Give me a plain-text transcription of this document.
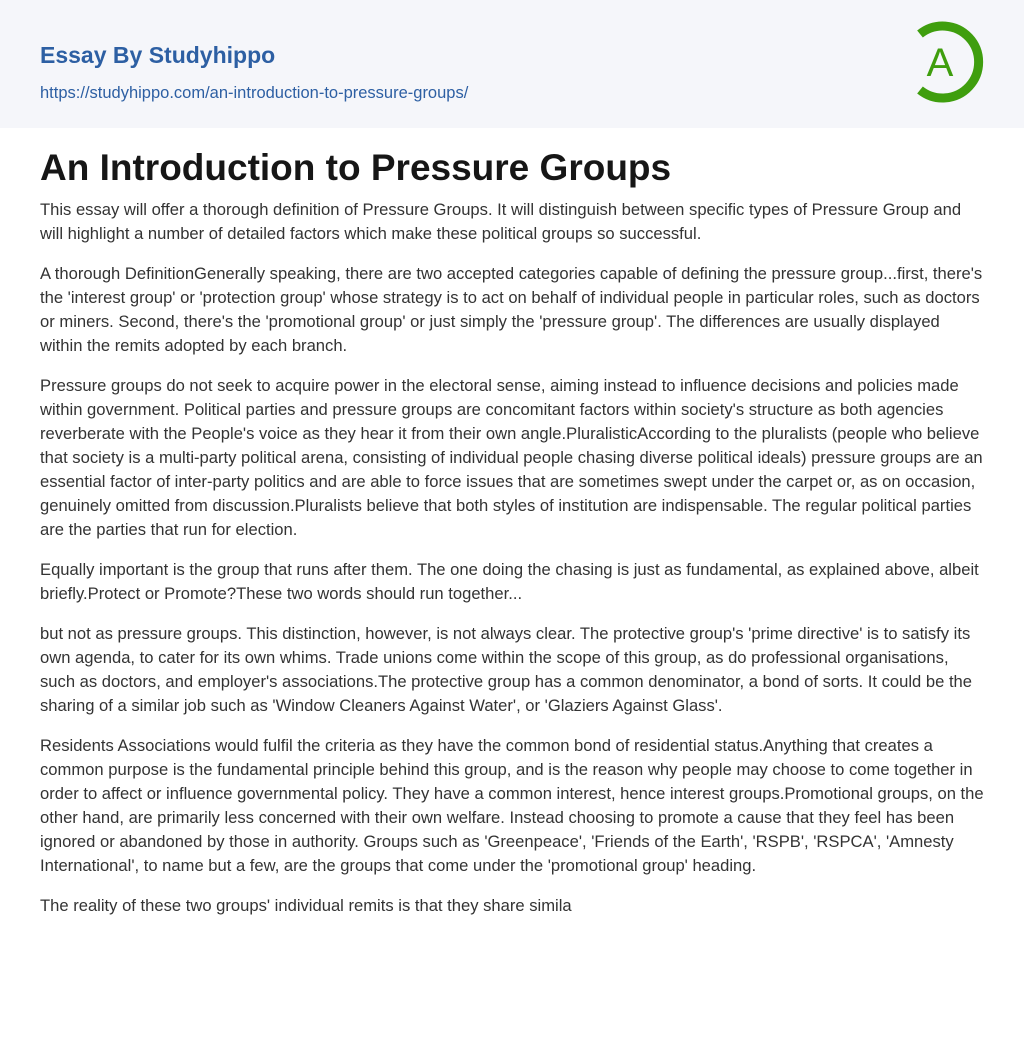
Essay By Studyhippo
https://studyhippo.com/an-introduction-to-pressure-groups/
A
An Introduction to Pressure Groups

This essay will offer a thorough definition of Pressure Groups. It will distinguish between specific types of Pressure Group and will highlight a number of detailed factors which make these political groups so successful.

A thorough DefinitionGenerally speaking, there are two accepted categories capable of defining the pressure group...first, there's the 'interest group' or 'protection group' whose strategy is to act on behalf of individual people in particular roles, such as doctors or miners. Second, there's the 'promotional group' or just simply the 'pressure group'. The differences are usually displayed within the remits adopted by each branch.

Pressure groups do not seek to acquire power in the electoral sense, aiming instead to influence decisions and policies made within government. Political parties and pressure groups are concomitant factors within society's structure as both agencies reverberate with the People's voice as they hear it from their own angle.PluralisticAccording to the pluralists (people who believe that society is a multi-party political arena, consisting of individual people chasing diverse political ideals) pressure groups are an essential factor of inter-party politics and are able to force issues that are sometimes swept under the carpet or, as on occasion, genuinely omitted from discussion.Pluralists believe that both styles of institution are indispensable. The regular political parties are the parties that run for election.

Equally important is the group that runs after them. The one doing the chasing is just as fundamental, as explained above, albeit briefly.Protect or Promote?These two words should run together...

but not as pressure groups. This distinction, however, is not always clear. The protective group's 'prime directive' is to satisfy its own agenda, to cater for its own whims. Trade unions come within the scope of this group, as do professional organisations, such as doctors, and employer's associations.The protective group has a common denominator, a bond of sorts. It could be the sharing of a similar job such as 'Window Cleaners Against Water', or 'Glaziers Against Glass'.

Residents Associations would fulfil the criteria as they have the common bond of residential status.Anything that creates a common purpose is the fundamental principle behind this group, and is the reason why people may choose to come together in order to affect or influence governmental policy. They have a common interest, hence interest groups.Promotional groups, on the other hand, are primarily less concerned with their own welfare. Instead choosing to promote a cause that they feel has been ignored or abandoned by those in authority. Groups such as 'Greenpeace', 'Friends of the Earth', 'RSPB', 'RSPCA', 'Amnesty International', to name but a few, are the groups that come under the 'promotional group' heading.

The reality of these two groups' individual remits is that they share simila
